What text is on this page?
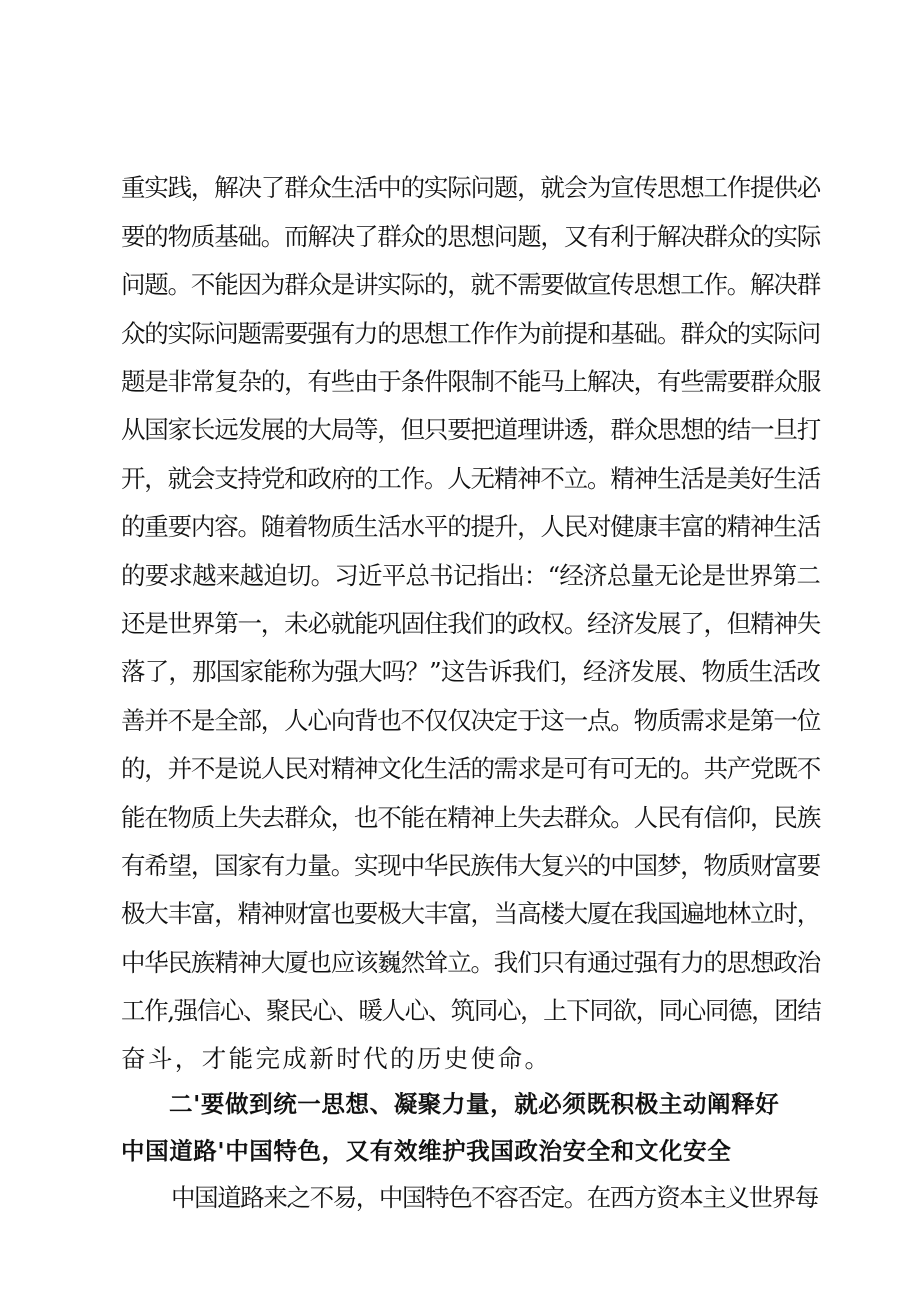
重实践，解决了群众生活中的实际问题，就会为宣传思想工作提供必
要的物质基础。而解决了群众的思想问题，又有利于解决群众的实际
问题。不能因为群众是讲实际的，就不需要做宣传思想工作。解决群
众的实际问题需要强有力的思想工作作为前提和基础。群众的实际问
题是非常复杂的，有些由于条件限制不能马上解决，有些需要群众服
从国家长远发展的大局等，但只要把道理讲透，群众思想的结一旦打
开，就会支持党和政府的工作。人无精神不立。精神生活是美好生活
的重要内容。随着物质生活水平的提升，人民对健康丰富的精神生活
的要求越来越迫切。习近平总书记指出：“经济总量无论是世界第二
还是世界第一，未必就能巩固住我们的政权。经济发展了，但精神失
落了，那国家能称为强大吗？”这告诉我们，经济发展、物质生活改
善并不是全部，人心向背也不仅仅决定于这一点。物质需求是第一位
的，并不是说人民对精神文化生活的需求是可有可无的。共产党既不
能在物质上失去群众，也不能在精神上失去群众。人民有信仰，民族
有希望，国家有力量。实现中华民族伟大复兴的中国梦，物质财富要
极大丰富，精神财富也要极大丰富，当高楼大厦在我国遍地林立时，
中华民族精神大厦也应该巍然耸立。我们只有通过强有力的思想政治
工作,强信心、聚民心、暖人心、筑同心，上下同欲，同心同德，团结
奋斗，才能完成新时代的历史使命。
二'要做到统一思想、凝聚力量，就必须既积极主动阐释好
中国道路'中国特色，又有效维护我国政治安全和文化安全
中国道路来之不易，中国特色不容否定。在西方资本主义世界每
